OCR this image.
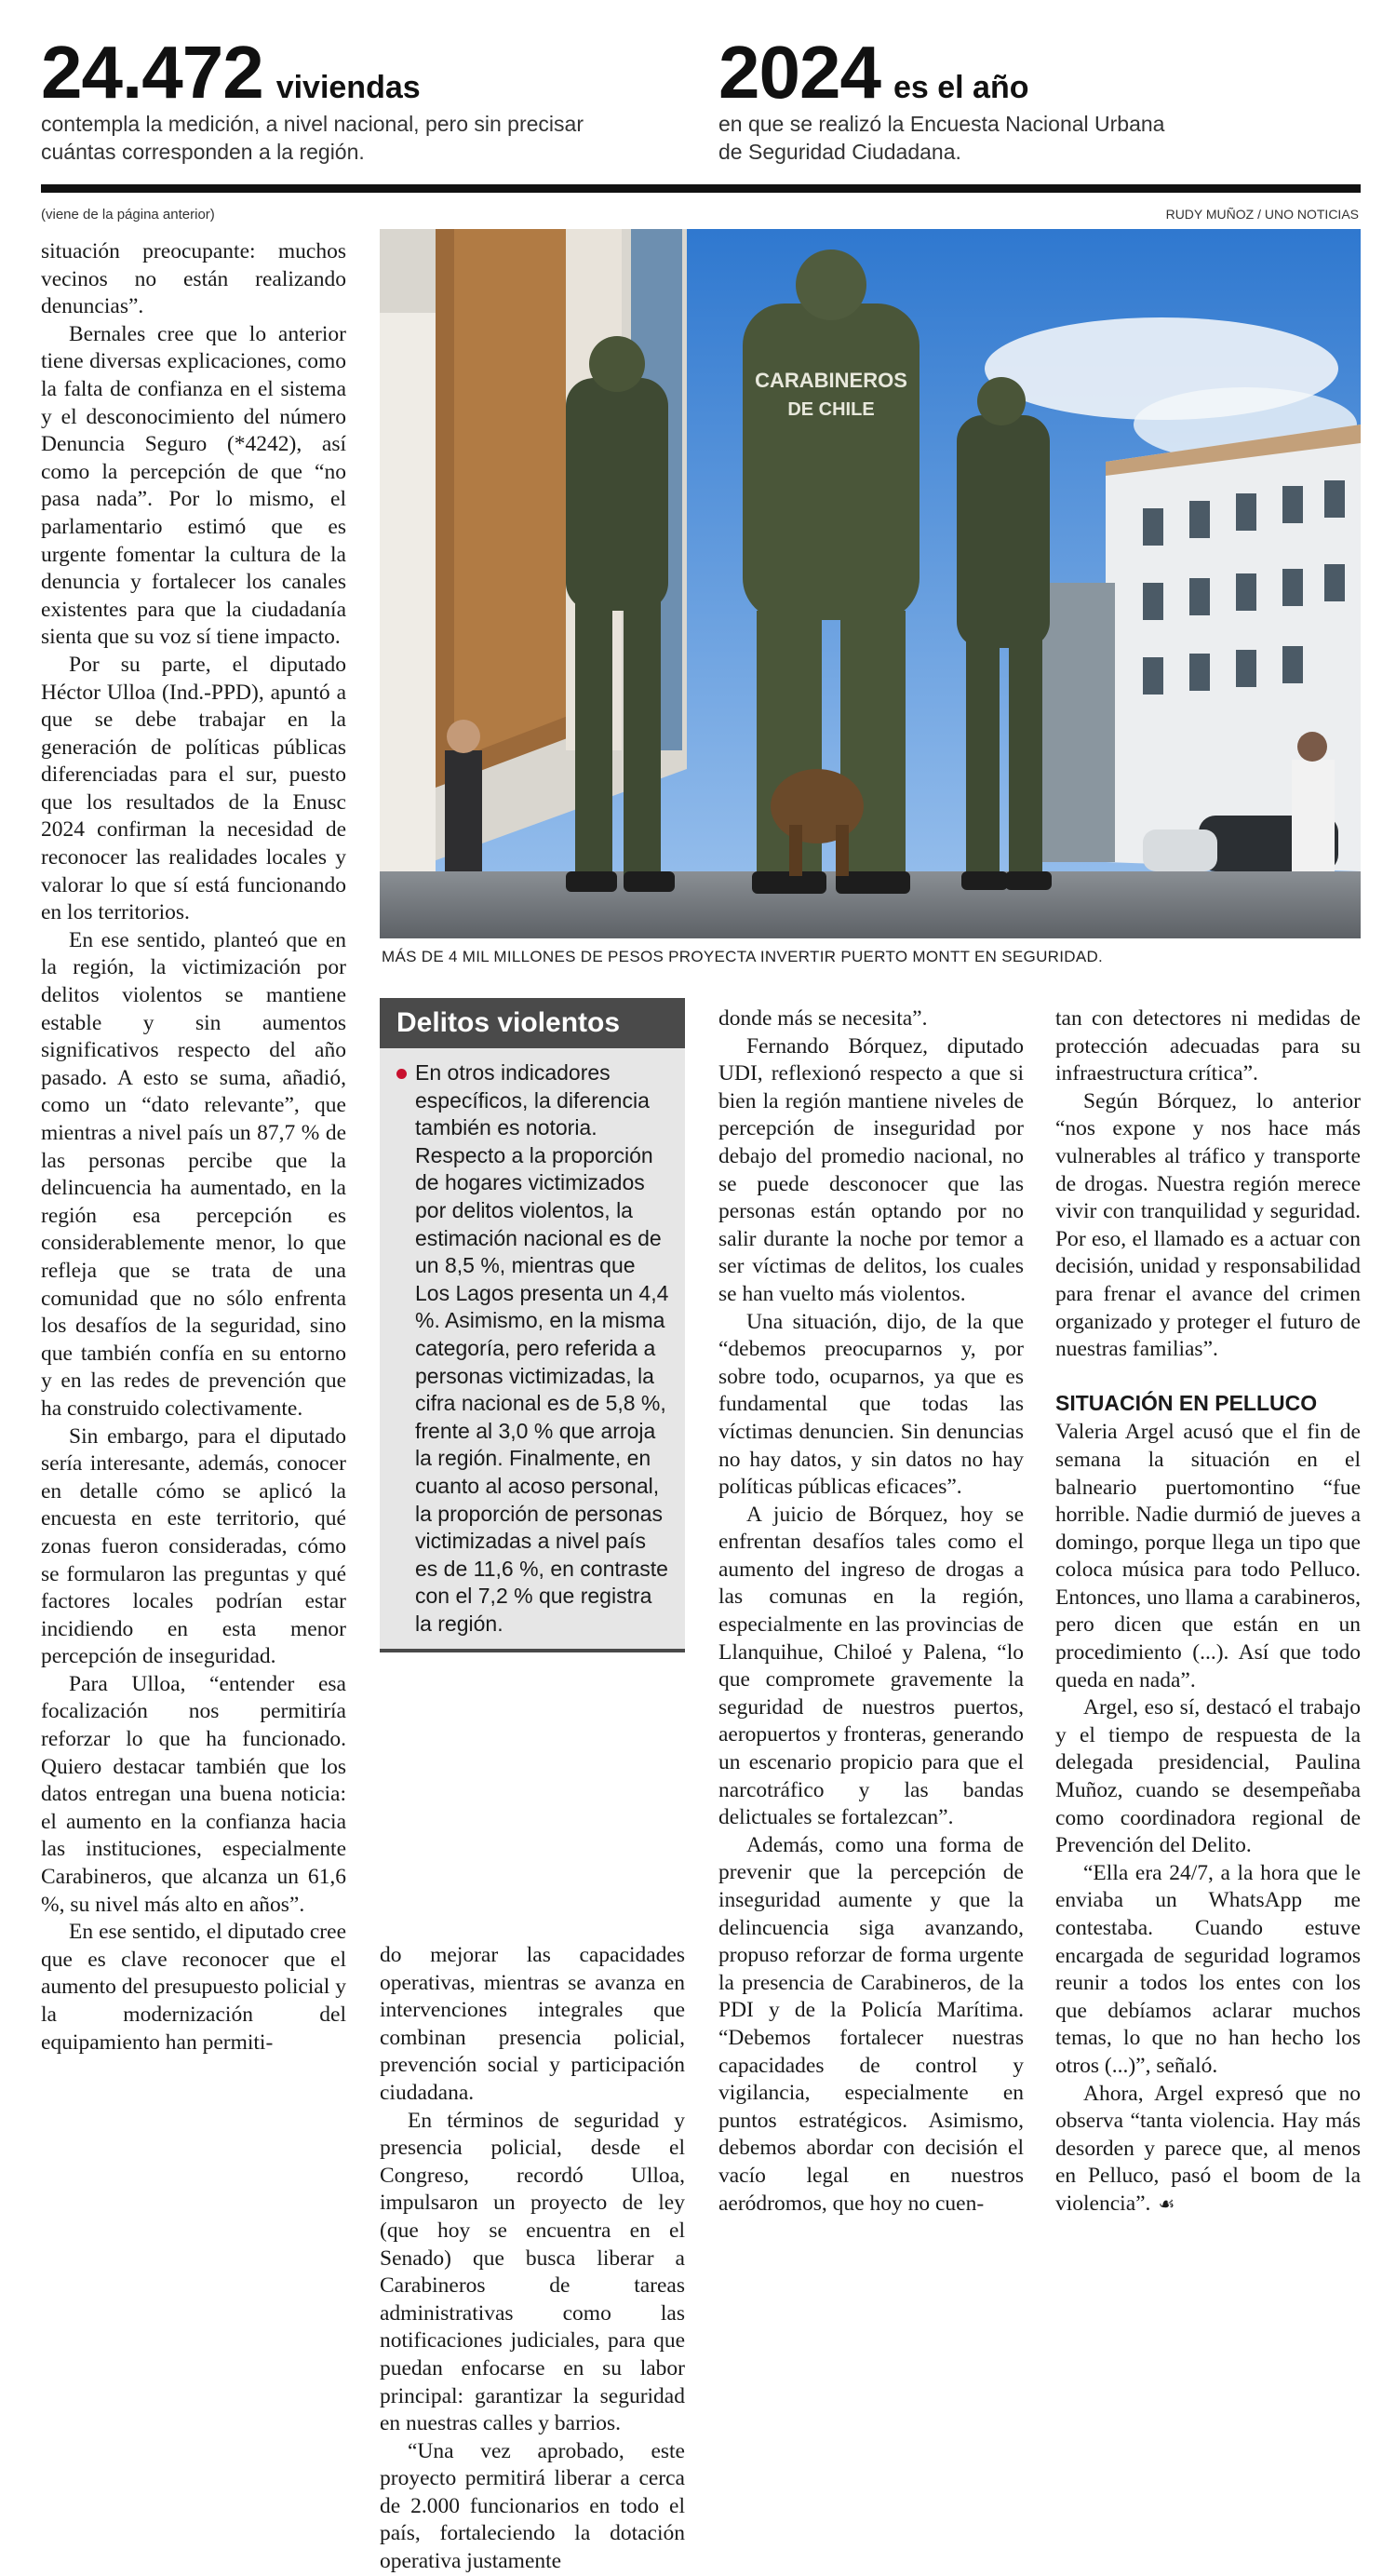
24.472 viviendas
contempla la medición, a nivel nacional, pero sin precisar
cuántas corresponden a la región.
2024 es el año
en que se realizó la Encuesta Nacional Urbana
de Seguridad Ciudadana.
(viene de la página anterior)	RUDY MUÑOZ / UNO NOTICIAS
CARABINEROS
DE CHILE
MÁS DE 4 MIL MILLONES DE PESOS PROYECTA INVERTIR PUERTO MONTT EN SEGURIDAD.

situación preocupante: muchos vecinos no están realizando denuncias”.

Bernales cree que lo anterior tiene diversas explicaciones, como la falta de confianza en el sistema y el desconocimiento del número Denuncia Seguro (*4242), así como la percepción de que “no pasa nada”. Por lo mismo, el parlamentario estimó que es urgente fomentar la cultura de la denuncia y fortalecer los canales existentes para que la ciudadanía sienta que su voz sí tiene impacto.

Por su parte, el diputado Héctor Ulloa (Ind.-PPD), apuntó a que se debe trabajar en la generación de políticas públicas diferenciadas para el sur, puesto que los resultados de la Enusc 2024 confirman la necesidad de reconocer las realidades locales y valorar lo que sí está funcionando en los territorios.

En ese sentido, planteó que en la región, la victimización por delitos violentos se mantiene estable y sin aumentos significativos respecto del año pasado. A esto se suma, añadió, como un “dato relevante”, que mientras a nivel país un 87,7 % de las personas percibe que la delincuencia ha aumentado, en la región esa percepción es considerablemente menor, lo que refleja que se trata de una comunidad que no sólo enfrenta los desafíos de la seguridad, sino que también confía en su entorno y en las redes de prevención que ha construido colectivamente.

Sin embargo, para el diputado sería interesante, además, conocer en detalle cómo se aplicó la encuesta en este territorio, qué zonas fueron consideradas, cómo se formularon las preguntas y qué factores locales podrían estar incidiendo en esta menor percepción de inseguridad.

Para Ulloa, “entender esa focalización nos permitiría reforzar lo que ha funcionado. Quiero destacar también que los datos entregan una buena noticia: el aumento en la confianza hacia las instituciones, especialmente Carabineros, que alcanza un 61,6 %, su nivel más alto en años”.

En ese sentido, el diputado cree que es clave reconocer que el aumento del presupuesto policial y la modernización del equipamiento han permiti-

Delitos violentos
En otros indicadores específicos, la diferencia también es notoria. Respecto a la proporción de hogares victimizados por delitos violentos, la estimación nacional es de un 8,5 %, mientras que Los Lagos presenta un 4,4 %. Asimismo, en la misma categoría, pero referida a personas victimizadas, la cifra nacional es de 5,8 %, frente al 3,0 % que arroja la región. Finalmente, en cuanto al acoso personal, la proporción de personas victimizadas a nivel país es de 11,6 %, en contraste con el 7,2 % que registra la región.

do mejorar las capacidades operativas, mientras se avanza en intervenciones integrales que combinan presencia policial, prevención social y participación ciudadana.

En términos de seguridad y presencia policial, desde el Congreso, recordó Ulloa, impulsaron un proyecto de ley (que hoy se encuentra en el Senado) que busca liberar a Carabineros de tareas administrativas como las notificaciones judiciales, para que puedan enfocarse en su labor principal: garantizar la seguridad en nuestras calles y barrios.

“Una vez aprobado, este proyecto permitirá liberar a cerca de 2.000 funcionarios en todo el país, fortaleciendo la dotación operativa justamente

donde más se necesita”.

Fernando Bórquez, diputado UDI, reflexionó respecto a que si bien la región mantiene niveles de percepción de inseguridad por debajo del promedio nacional, no se puede desconocer que las personas están optando por no salir durante la noche por temor a ser víctimas de delitos, los cuales se han vuelto más violentos.

Una situación, dijo, de la que “debemos preocuparnos y, por sobre todo, ocuparnos, ya que es fundamental que todas las víctimas denuncien. Sin denuncias no hay datos, y sin datos no hay políticas públicas eficaces”.

A juicio de Bórquez, hoy se enfrentan desafíos tales como el aumento del ingreso de drogas a las comunas en la región, especialmente en las provincias de Llanquihue, Chiloé y Palena, “lo que compromete gravemente la seguridad de nuestros puertos, aeropuertos y fronteras, generando un escenario propicio para que el narcotráfico y las bandas delictuales se fortalezcan”.

Además, como una forma de prevenir que la percepción de inseguridad aumente y que la delincuencia siga avanzando, propuso reforzar de forma urgente la presencia de Carabineros, de la PDI y de la Policía Marítima. “Debemos fortalecer nuestras capacidades de control y vigilancia, especialmente en puntos estratégicos. Asimismo, debemos abordar con decisión el vacío legal en nuestros aeródromos, que hoy no cuen-

tan con detectores ni medidas de protección adecuadas para su infraestructura crítica”.

Según Bórquez, lo anterior “nos expone y nos hace más vulnerables al tráfico y transporte de drogas. Nuestra región merece vivir con tranquilidad y seguridad. Por eso, el llamado es a actuar con decisión, unidad y responsabilidad para frenar el avance del crimen organizado y proteger el futuro de nuestras familias”.

SITUACIÓN EN PELLUCO

Valeria Argel acusó que el fin de semana la situación en el balneario puertomontino “fue horrible. Nadie durmió de jueves a domingo, porque llega un tipo que coloca música para todo Pelluco. Entonces, uno llama a carabineros, pero dicen que están en un procedimiento (...). Así que todo queda en nada”.

Argel, eso sí, destacó el trabajo y el tiempo de respuesta de la delegada presidencial, Paulina Muñoz, cuando se desempeñaba como coordinadora regional de Prevención del Delito.

“Ella era 24/7, a la hora que le enviaba un WhatsApp me contestaba. Cuando estuve encargada de seguridad logramos reunir a todos los entes con los que debíamos aclarar muchos temas, lo que no han hecho los otros (...)”, señaló.

Ahora, Argel expresó que no observa “tanta violencia. Hay más desorden y parece que, al menos en Pelluco, pasó el boom de la violencia”. ☙
